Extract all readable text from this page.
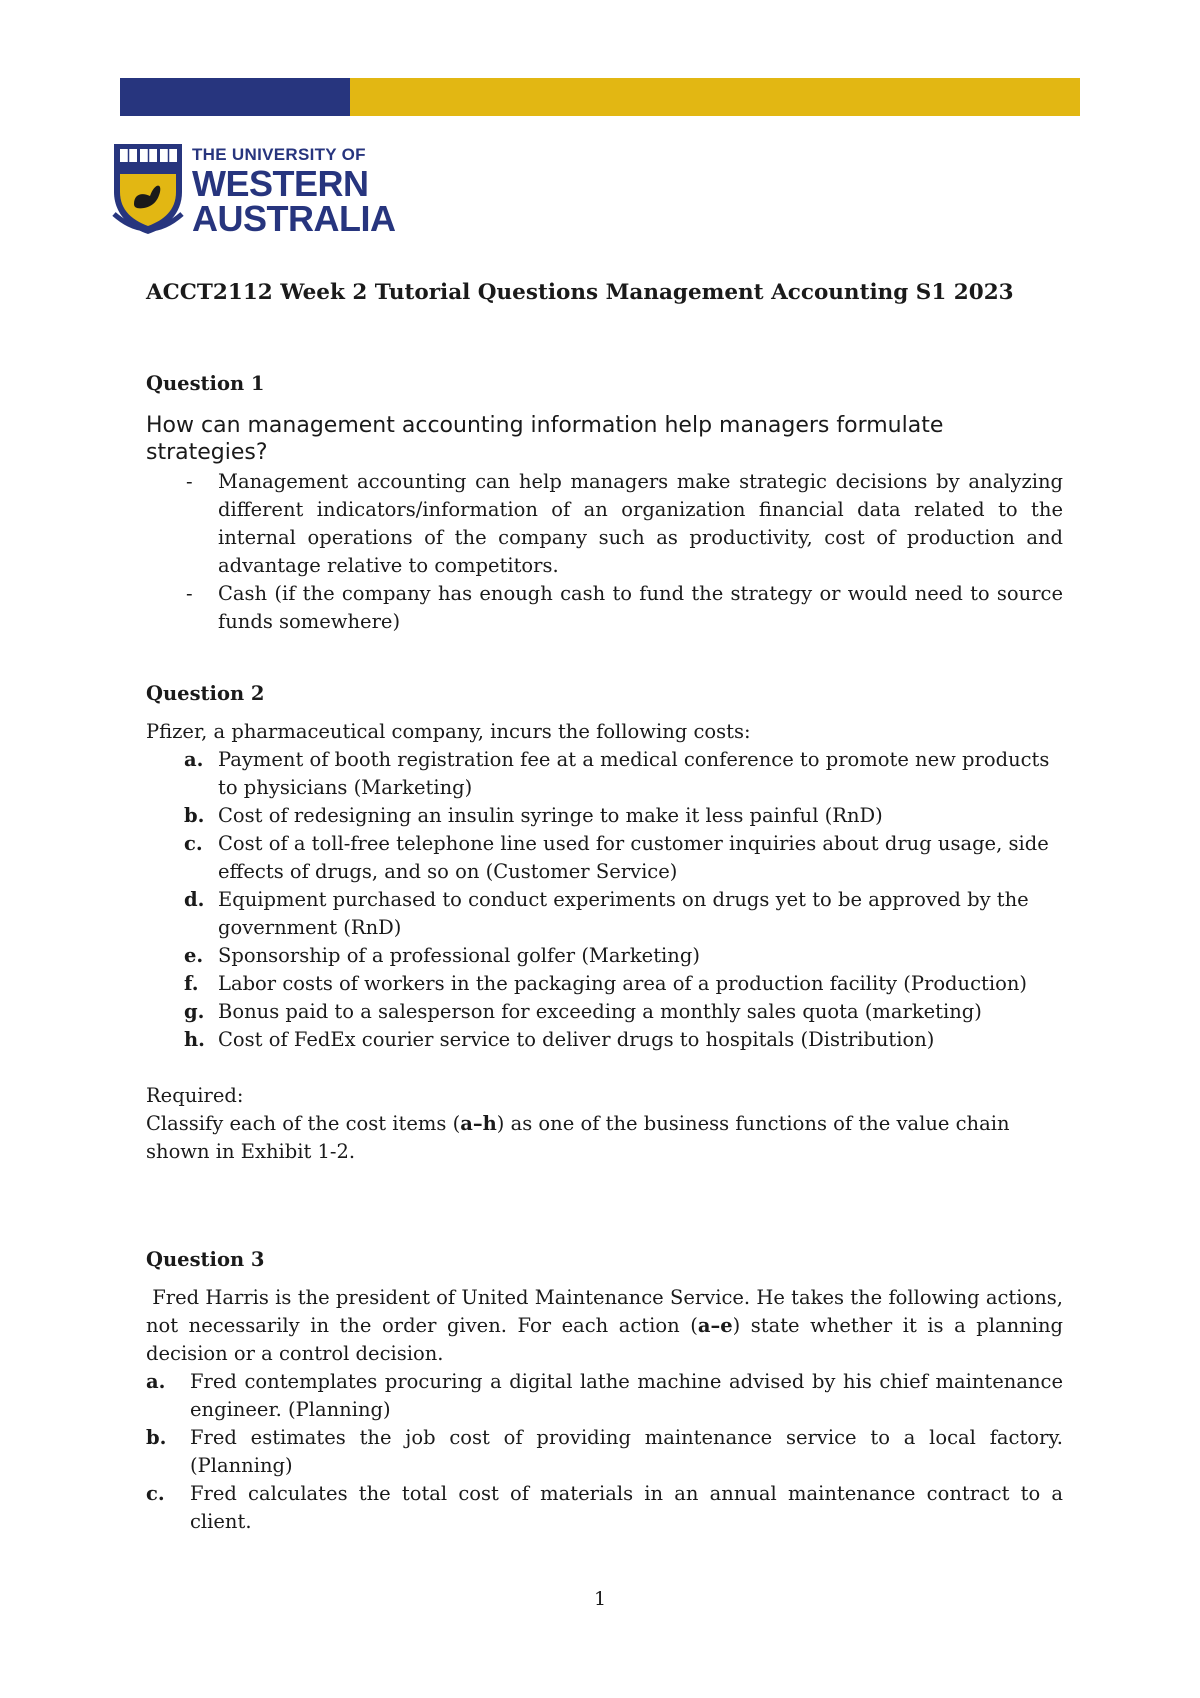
THE UNIVERSITY OF
WESTERN
AUSTRALIA
ACCT2112 Week 2 Tutorial Questions Management Accounting S1 2023
Question 1
How can management accounting information help managers formulate strategies?
- Management accounting can help managers make strategic decisions by analyzing different indicators/information of an organization financial data related to the internal operations of the company such as productivity, cost of production and advantage relative to competitors.
- Cash (if the company has enough cash to fund the strategy or would need to source funds somewhere)
Question 2
Pfizer, a pharmaceutical company, incurs the following costs:
a. Payment of booth registration fee at a medical conference to promote new products to physicians (Marketing)
b. Cost of redesigning an insulin syringe to make it less painful (RnD)
c. Cost of a toll-free telephone line used for customer inquiries about drug usage, side effects of drugs, and so on (Customer Service)
d. Equipment purchased to conduct experiments on drugs yet to be approved by the government (RnD)
e. Sponsorship of a professional golfer (Marketing)
f. Labor costs of workers in the packaging area of a production facility (Production)
g. Bonus paid to a salesperson for exceeding a monthly sales quota (marketing)
h. Cost of FedEx courier service to deliver drugs to hospitals (Distribution)
Required:
Classify each of the cost items (a–h) as one of the business functions of the value chain shown in Exhibit 1-2.
Question 3
Fred Harris is the president of United Maintenance Service. He takes the following actions, not necessarily in the order given. For each action (a–e) state whether it is a planning decision or a control decision.
a. Fred contemplates procuring a digital lathe machine advised by his chief maintenance engineer. (Planning)
b. Fred estimates the job cost of providing maintenance service to a local factory. (Planning)
c. Fred calculates the total cost of materials in an annual maintenance contract to a client.
1
